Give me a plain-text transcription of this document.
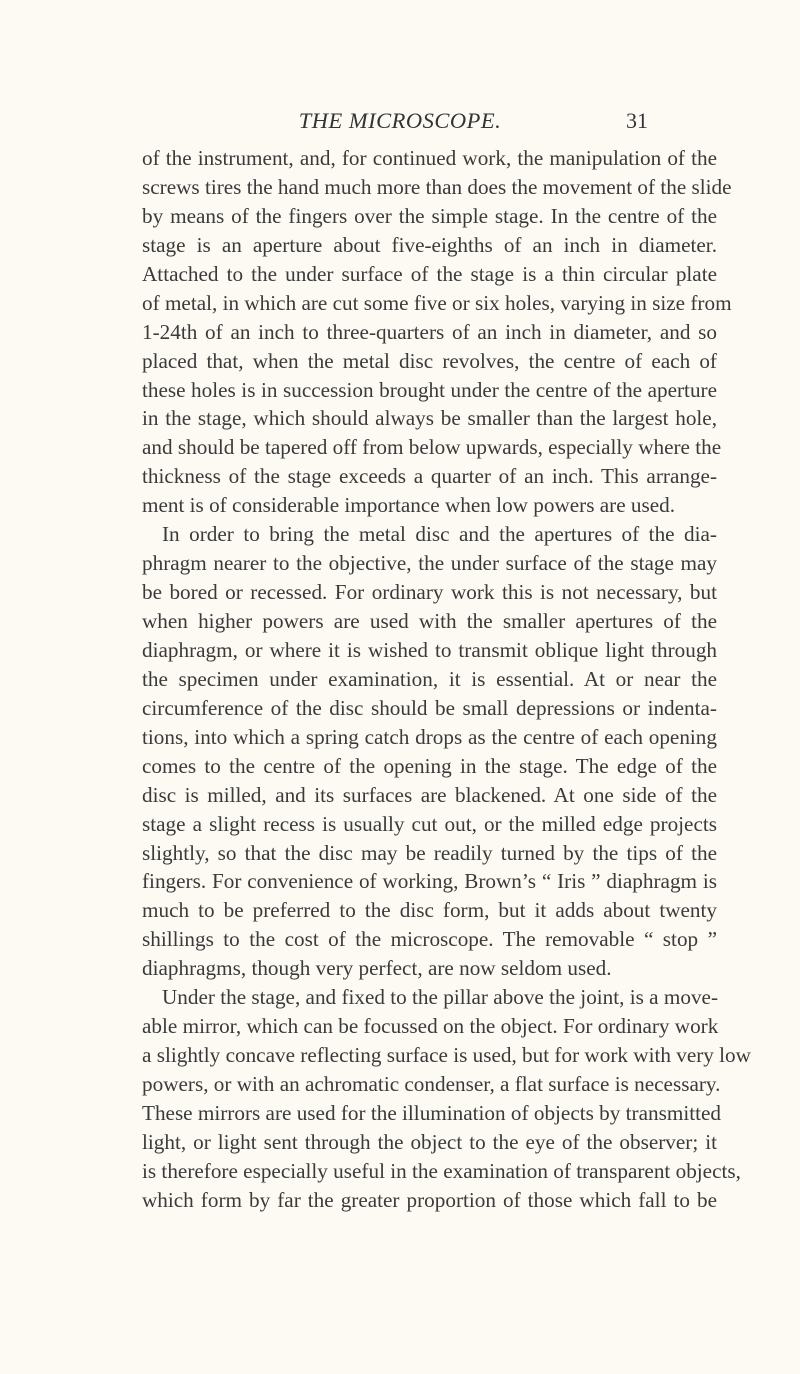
THE MICROSCOPE.	31
of the instrument, and, for continued work, the manipulation of the
screws tires the hand much more than does the movement of the slide
by means of the fingers over the simple stage. In the centre of the
stage is an aperture about five-eighths of an inch in diameter.
Attached to the under surface of the stage is a thin circular plate
of metal, in which are cut some five or six holes, varying in size from
1-24th of an inch to three-quarters of an inch in diameter, and so
placed that, when the metal disc revolves, the centre of each of
these holes is in succession brought under the centre of the aperture
in the stage, which should always be smaller than the largest hole,
and should be tapered off from below upwards, especially where the
thickness of the stage exceeds a quarter of an inch. This arrange-
ment is of considerable importance when low powers are used.
In order to bring the metal disc and the apertures of the dia-
phragm nearer to the objective, the under surface of the stage may
be bored or recessed. For ordinary work this is not necessary, but
when higher powers are used with the smaller apertures of the
diaphragm, or where it is wished to transmit oblique light through
the specimen under examination, it is essential. At or near the
circumference of the disc should be small depressions or indenta-
tions, into which a spring catch drops as the centre of each opening
comes to the centre of the opening in the stage. The edge of the
disc is milled, and its surfaces are blackened. At one side of the
stage a slight recess is usually cut out, or the milled edge projects
slightly, so that the disc may be readily turned by the tips of the
fingers. For convenience of working, Brown’s “ Iris ” diaphragm is
much to be preferred to the disc form, but it adds about twenty
shillings to the cost of the microscope. The removable “ stop ”
diaphragms, though very perfect, are now seldom used.
Under the stage, and fixed to the pillar above the joint, is a move-
able mirror, which can be focussed on the object. For ordinary work
a slightly concave reflecting surface is used, but for work with very low
powers, or with an achromatic condenser, a flat surface is necessary.
These mirrors are used for the illumination of objects by transmitted
light, or light sent through the object to the eye of the observer; it
is therefore especially useful in the examination of transparent objects,
which form by far the greater proportion of those which fall to be
